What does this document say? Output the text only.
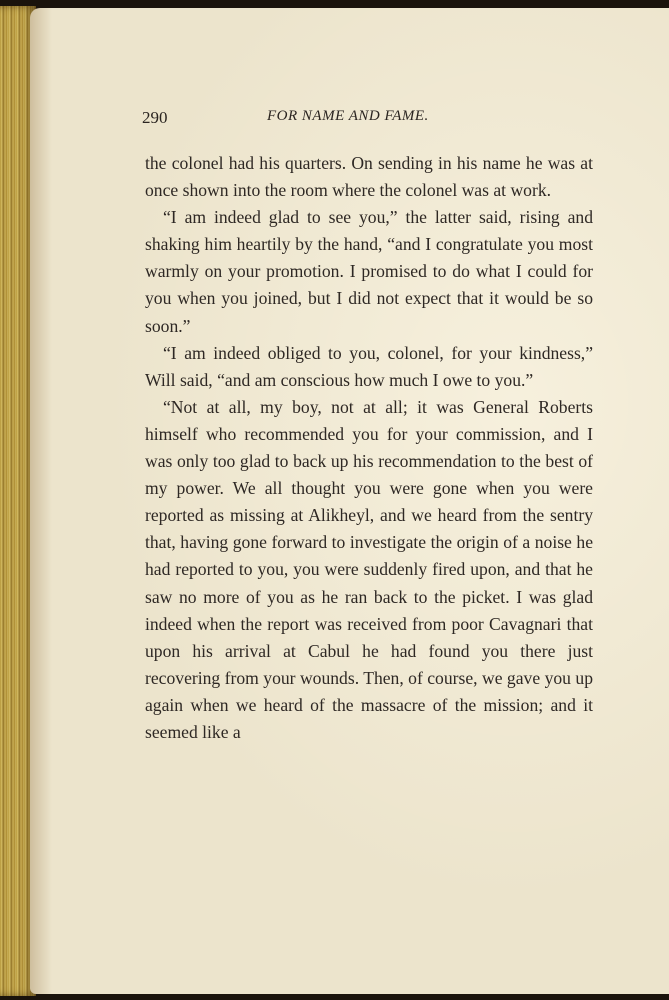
290	FOR NAME AND FAME.

the colonel had his quarters. On sending in his name he was at once shown into the room where the colonel was at work.

“I am indeed glad to see you,” the latter said, rising and shaking him heartily by the hand, “and I congratulate you most warmly on your promotion. I promised to do what I could for you when you joined, but I did not expect that it would be so soon.”

“I am indeed obliged to you, colonel, for your kindness,” Will said, “and am conscious how much I owe to you.”

“Not at all, my boy, not at all; it was General Roberts himself who recommended you for your commission, and I was only too glad to back up his recommendation to the best of my power. We all thought you were gone when you were reported as missing at Alikheyl, and we heard from the sentry that, having gone forward to investigate the origin of a noise he had reported to you, you were suddenly fired upon, and that he saw no more of you as he ran back to the picket. I was glad indeed when the report was received from poor Cavagnari that upon his arrival at Cabul he had found you there just recovering from your wounds. Then, of course, we gave you up again when we heard of the massacre of the mission; and it seemed like a
